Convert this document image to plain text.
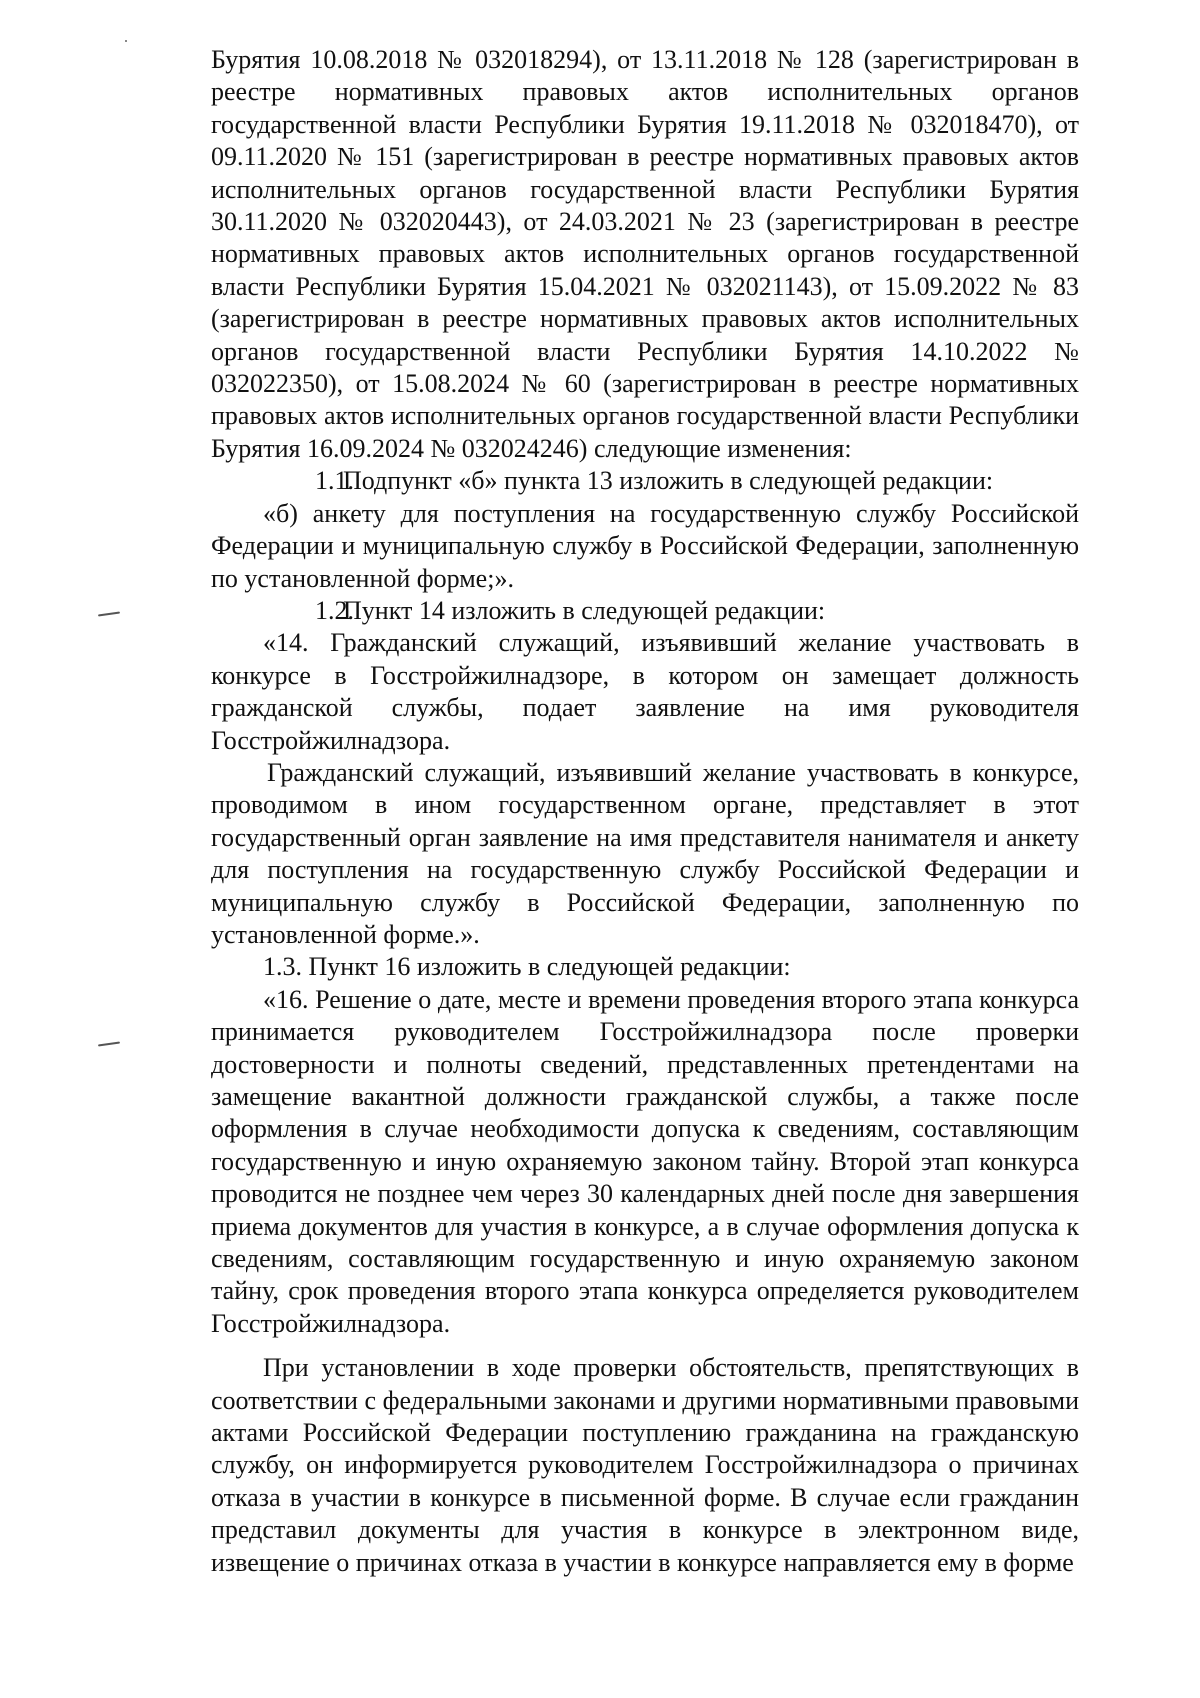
Бурятия 10.08.2018 № 032018294), от 13.11.2018 № 128 (зарегистрирован в реестре нормативных правовых актов исполнительных органов государственной власти Республики Бурятия 19.11.2018 № 032018470), от 09.11.2020 № 151 (зарегистрирован в реестре нормативных правовых актов исполнительных органов государственной власти Республики Бурятия 30.11.2020 № 032020443), от 24.03.2021 № 23 (зарегистрирован в реестре нормативных правовых актов исполнительных органов государственной власти Республики Бурятия 15.04.2021 № 032021143), от 15.09.2022 № 83 (зарегистрирован в реестре нормативных правовых актов исполнительных органов государственной власти Республики Бурятия 14.10.2022 № 032022350), от 15.08.2024 № 60 (зарегистрирован в реестре нормативных правовых актов исполнительных органов государственной власти Республики Бурятия 16.09.2024 № 032024246) следующие изменения:

1.1.Подпункт «б» пункта 13 изложить в следующей редакции:

«б) анкету для поступления на государственную службу Российской Федерации и муниципальную службу в Российской Федерации, заполненную по установленной форме;».

1.2.Пункт 14 изложить в следующей редакции:

«14. Гражданский служащий, изъявивший желание участвовать в конкурсе в Госстройжилнадзоре, в котором он замещает должность гражданской службы, подает заявление на имя руководителя Госстройжилнадзора.

Гражданский служащий, изъявивший желание участвовать в конкурсе, проводимом в ином государственном органе, представляет в этот государственный орган заявление на имя представителя нанимателя и анкету для поступления на государственную службу Российской Федерации и муниципальную службу в Российской Федерации, заполненную по установленной форме.».

1.3. Пункт 16 изложить в следующей редакции:

«16. Решение о дате, месте и времени проведения второго этапа конкурса принимается руководителем Госстройжилнадзора после проверки достоверности и полноты сведений, представленных претендентами на замещение вакантной должности гражданской службы, а также после оформления в случае необходимости допуска к сведениям, составляющим государственную и иную охраняемую законом тайну. Второй этап конкурса проводится не позднее чем через 30 календарных дней после дня завершения приема документов для участия в конкурсе, а в случае оформления допуска к сведениям, составляющим государственную и иную охраняемую законом тайну, срок проведения второго этапа конкурса определяется руководителем Госстройжилнадзора.

При установлении в ходе проверки обстоятельств, препятствующих в соответствии с федеральными законами и другими нормативными правовыми актами Российской Федерации поступлению гражданина на гражданскую службу, он информируется руководителем Госстройжилнадзора о причинах отказа в участии в конкурсе в письменной форме. В случае если гражданин представил документы для участия в конкурсе в электронном виде, извещение о причинах отказа в участии в конкурсе направляется ему в форме
